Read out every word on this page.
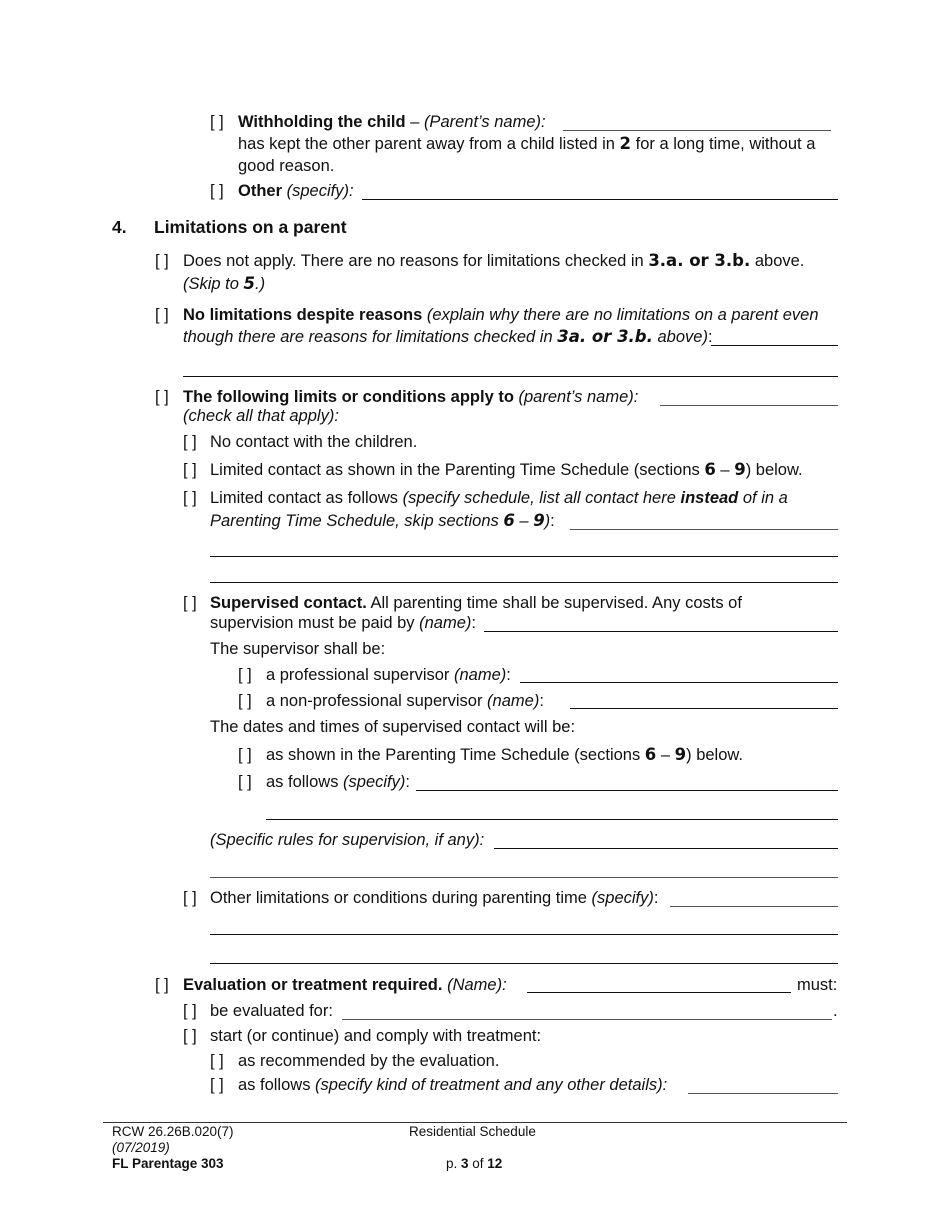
[ ] Withholding the child – (Parent’s name):
has kept the other parent away from a child listed in 2 for a long time, without a
good reason.
[ ] Other (specify):
4. Limitations on a parent
[ ] Does not apply. There are no reasons for limitations checked in 3.a. or 3.b. above.
(Skip to 5.)
[ ] No limitations despite reasons (explain why there are no limitations on a parent even
though there are reasons for limitations checked in 3a. or 3.b. above):
[ ] The following limits or conditions apply to (parent’s name):
(check all that apply):
[ ] No contact with the children.
[ ] Limited contact as shown in the Parenting Time Schedule (sections 6 – 9) below.
[ ] Limited contact as follows (specify schedule, list all contact here instead of in a
Parenting Time Schedule, skip sections 6 – 9):
[ ] Supervised contact. All parenting time shall be supervised. Any costs of
supervision must be paid by (name):
The supervisor shall be:
[ ] a professional supervisor (name):
[ ] a non-professional supervisor (name):
The dates and times of supervised contact will be:
[ ] as shown in the Parenting Time Schedule (sections 6 – 9) below.
[ ] as follows (specify):
(Specific rules for supervision, if any):
[ ] Other limitations or conditions during parenting time (specify):
[ ] Evaluation or treatment required. (Name):	must:
[ ] be evaluated for:	.
[ ] start (or continue) and comply with treatment:
[ ] as recommended by the evaluation.
[ ] as follows (specify kind of treatment and any other details):
RCW 26.26B.020(7)
(07/2019)
FL Parentage 303
Residential Schedule
p. 3 of 12
